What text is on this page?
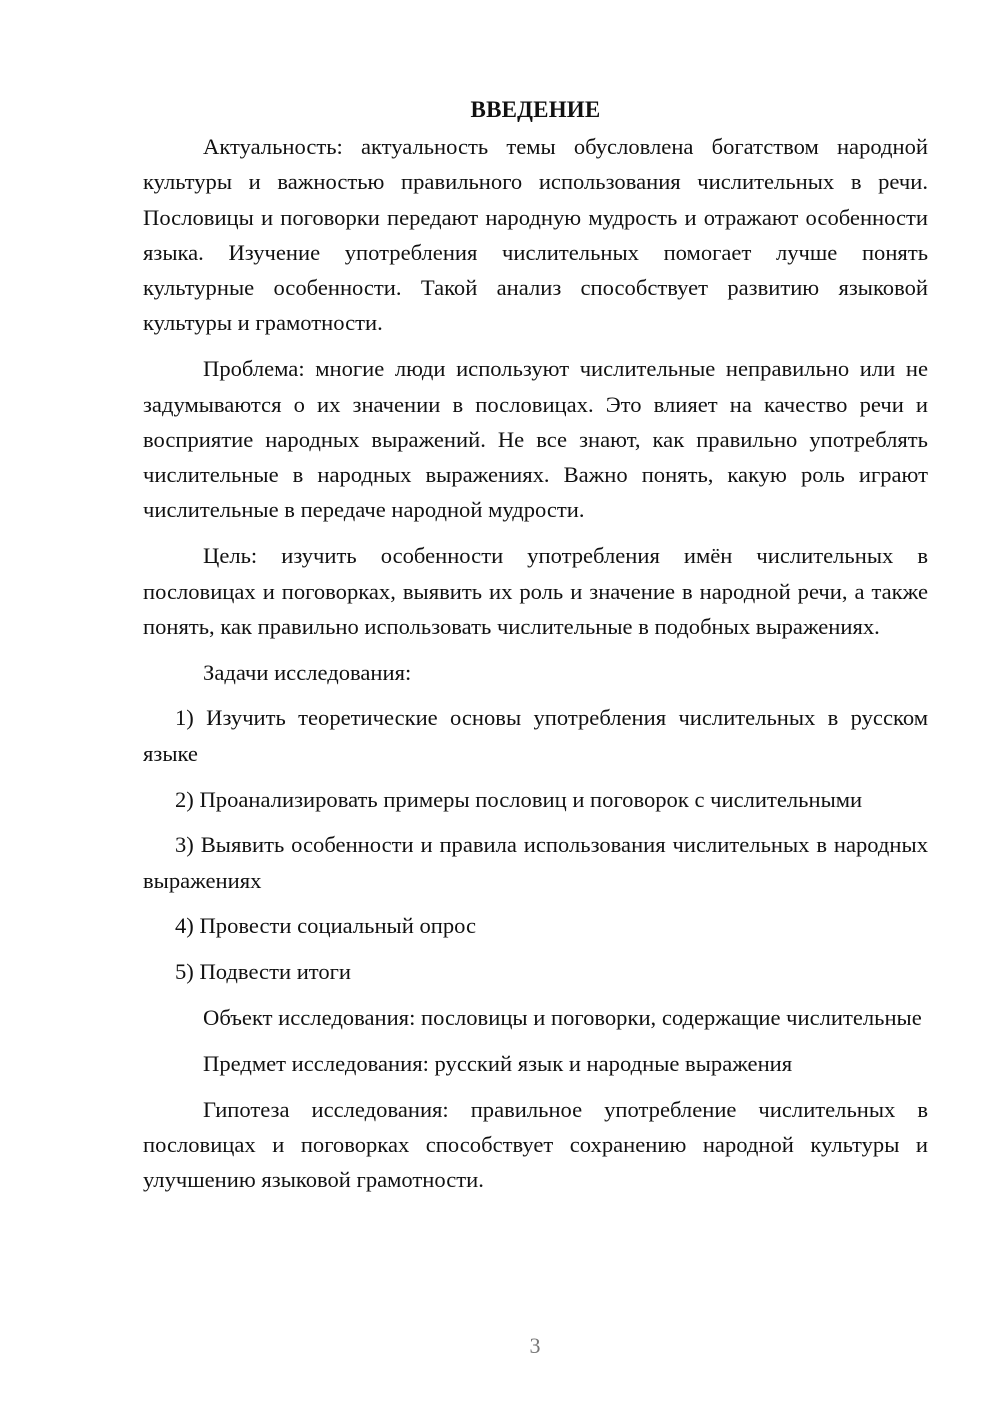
ВВЕДЕНИЕ

Актуальность: актуальность темы обусловлена богатством народной культуры и важностью правильного использования числительных в речи. Пословицы и поговорки передают народную мудрость и отражают особенности языка. Изучение употребления числительных помогает лучше понять культурные особенности. Такой анализ способствует развитию языковой культуры и грамотности.

Проблема: многие люди используют числительные неправильно или не задумываются о их значении в пословицах. Это влияет на качество речи и восприятие народных выражений. Не все знают, как правильно употреблять числительные в народных выражениях. Важно понять, какую роль играют числительные в передаче народной мудрости.

Цель: изучить особенности употребления имён числительных в пословицах и поговорках, выявить их роль и значение в народной речи, а также понять, как правильно использовать числительные в подобных выражениях.

Задачи исследования:

1) Изучить теоретические основы употребления числительных в русском языке

2) Проанализировать примеры пословиц и поговорок с числительными

3) Выявить особенности и правила использования числительных в народных выражениях

4) Провести социальный опрос

5) Подвести итоги

Объект исследования: пословицы и поговорки, содержащие числительные

Предмет исследования: русский язык и народные выражения

Гипотеза исследования: правильное употребление числительных в пословицах и поговорках способствует сохранению народной культуры и улучшению языковой грамотности.

3
